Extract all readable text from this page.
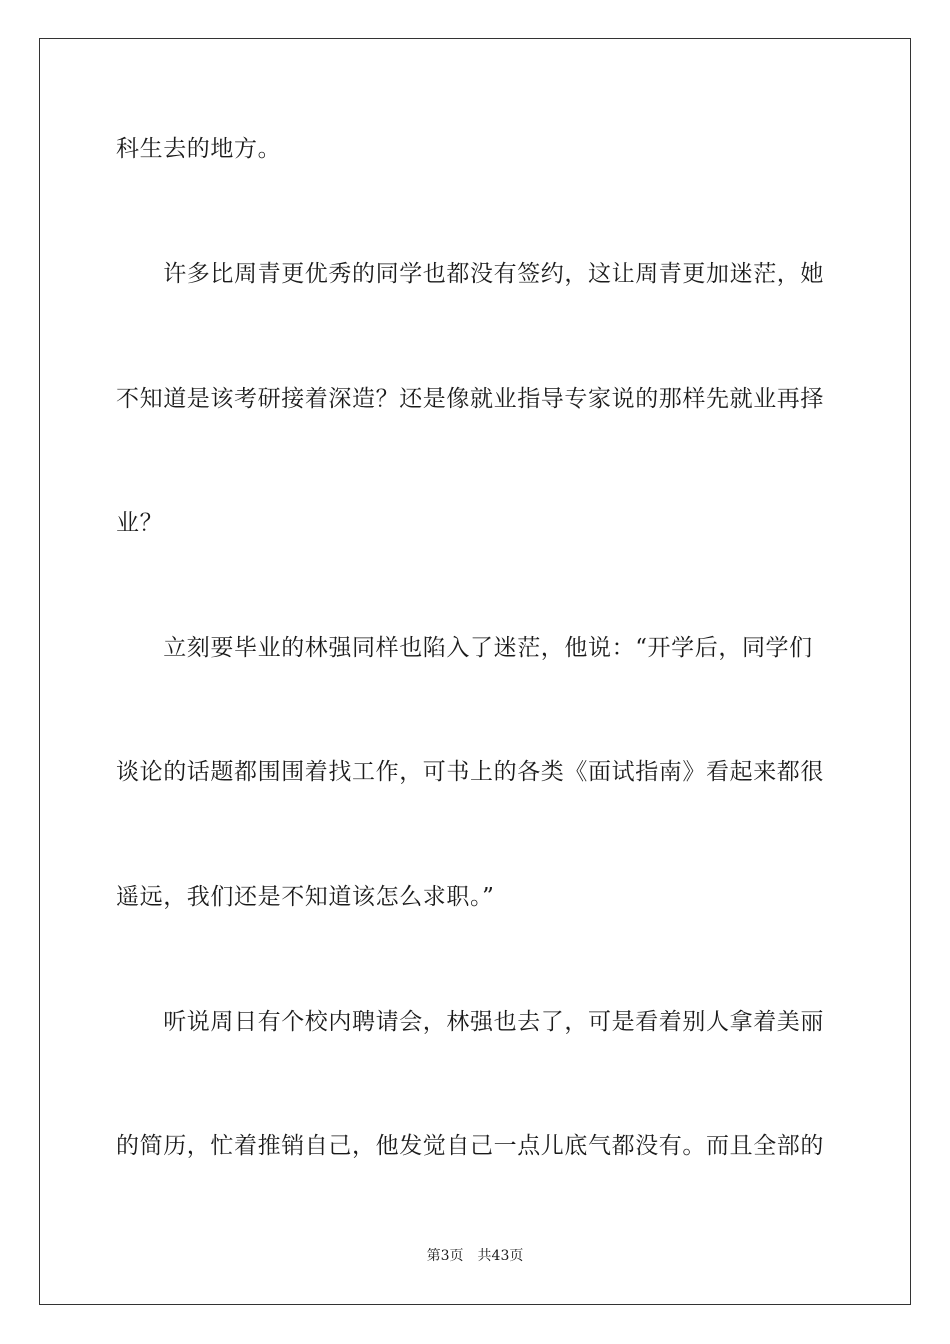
科生去的地方。
　　许多比周青更优秀的同学也都没有签约，这让周青更加迷茫，她
不知道是该考研接着深造？还是像就业指导专家说的那样先就业再择
业？
　　立刻要毕业的林强同样也陷入了迷茫，他说：“开学后，同学们
谈论的话题都围围着找工作，可书上的各类《面试指南》看起来都很
遥远，我们还是不知道该怎么求职。”
　　听说周日有个校内聘请会，林强也去了，可是看着别人拿着美丽
的简历，忙着推销自己，他发觉自己一点儿底气都没有。而且全部的
第3页　共43页
